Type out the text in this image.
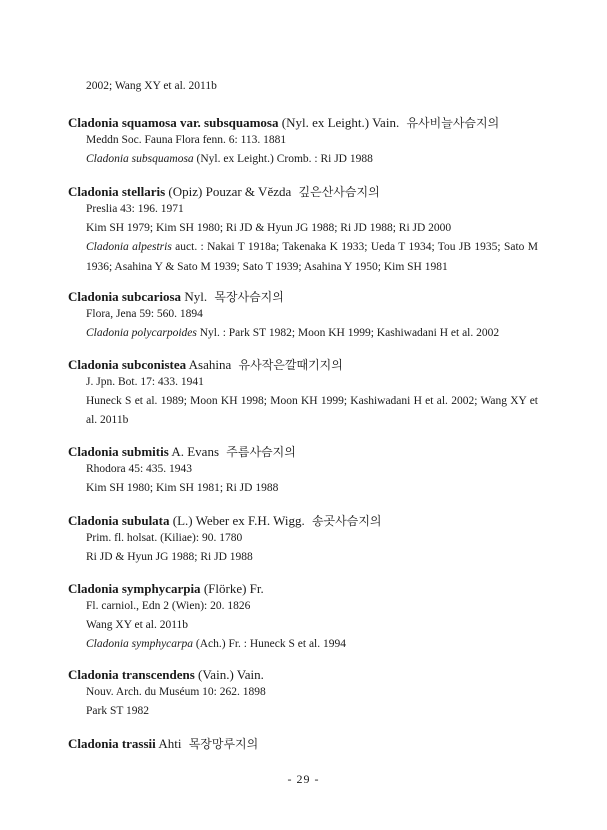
2002; Wang XY et al. 2011b
Cladonia squamosa var. subsquamosa (Nyl. ex Leight.) Vain. 유사비늘사슴지의
Meddn Soc. Fauna Flora fenn. 6: 113. 1881
Cladonia subsquamosa (Nyl. ex Leight.) Cromb. : Ri JD 1988
Cladonia stellaris (Opiz) Pouzar & Vězda 깊은산사슴지의
Preslia 43: 196. 1971
Kim SH 1979; Kim SH 1980; Ri JD & Hyun JG 1988; Ri JD 1988; Ri JD 2000
Cladonia alpestris auct. : Nakai T 1918a; Takenaka K 1933; Ueda T 1934; Tou JB 1935; Sato M 1936; Asahina Y & Sato M 1939; Sato T 1939; Asahina Y 1950; Kim SH 1981
Cladonia subcariosa Nyl. 목장사슴지의
Flora, Jena 59: 560. 1894
Cladonia polycarpoides Nyl. : Park ST 1982; Moon KH 1999; Kashiwadani H et al. 2002
Cladonia subconistea Asahina 유사작은깔때기지의
J. Jpn. Bot. 17: 433. 1941
Huneck S et al. 1989; Moon KH 1998; Moon KH 1999; Kashiwadani H et al. 2002; Wang XY et al. 2011b
Cladonia submitis A. Evans 주름사슴지의
Rhodora 45: 435. 1943
Kim SH 1980; Kim SH 1981; Ri JD 1988
Cladonia subulata (L.) Weber ex F.H. Wigg. 송곳사슴지의
Prim. fl. holsat. (Kiliae): 90. 1780
Ri JD & Hyun JG 1988; Ri JD 1988
Cladonia symphycarpia (Flörke) Fr.
Fl. carniol., Edn 2 (Wien): 20. 1826
Wang XY et al. 2011b
Cladonia symphycarpa (Ach.) Fr. : Huneck S et al. 1994
Cladonia transcendens (Vain.) Vain.
Nouv. Arch. du Muséum 10: 262. 1898
Park ST 1982
Cladonia trassii Ahti 목장망루지의
- 29 -
